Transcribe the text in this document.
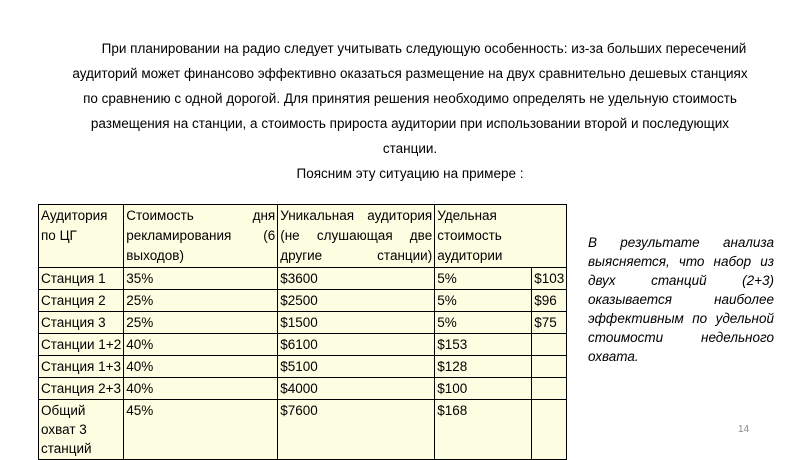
При планировании на радио следует учитывать следующую особенность: из-за больших пересечений аудиторий может финансово эффективно оказаться размещение на двух сравнительно дешевых станциях по сравнению с одной дорогой. Для принятия решения необходимо определять не удельную стоимость размещения на станции, а стоимость прироста аудитории при использовании второй и последующих станции.

Поясним эту ситуацию на примере :

Аудитория по ЦГ	Стоимость дня рекламирования (6 выходов)	Уникальная аудитория (не слушающая две другие станции)	Удельная стоимость аудитории	
Станция 1	35%	$3600	5%	$103
Станция 2	25%	$2500	5%	$96
Станция 3	25%	$1500	5%	$75
Станции 1+2	40%	$6100	$153	
Станция 1+3	40%	$5100	$128	
Станция 2+3	40%	$4000	$100	
Общий охват 3 станций	45%	$7600	$168	
В результате анализа выясняется, что набор из двух станций (2+3) оказывается наиболее эффективным по удельной стоимости недельного охвата.
14
